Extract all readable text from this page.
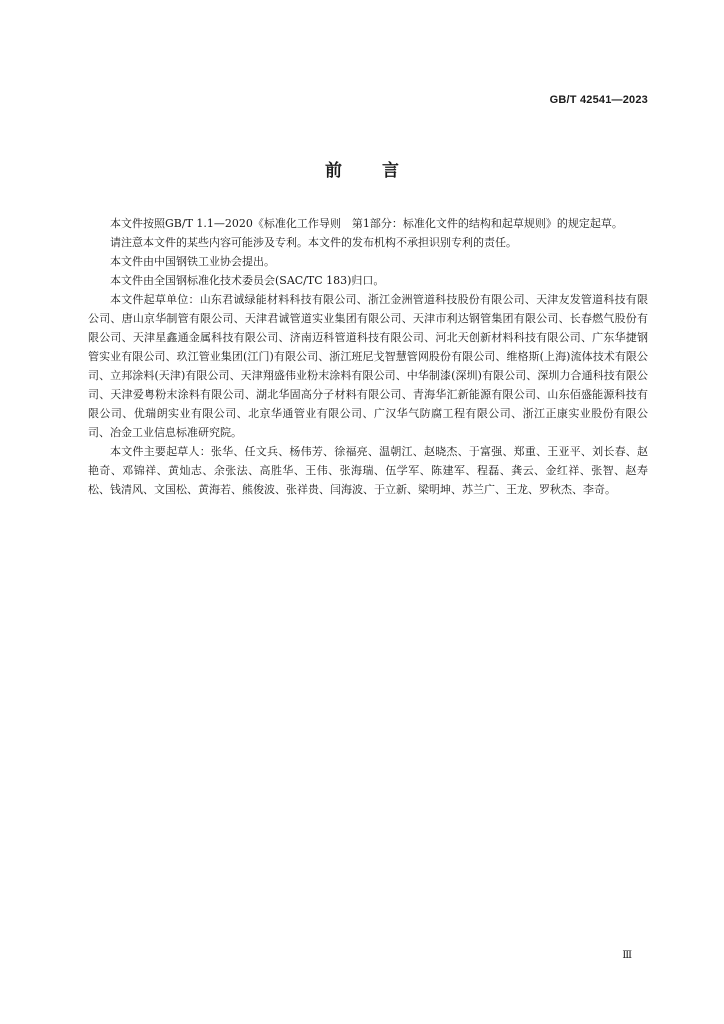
GB/T 42541—2023
前言

本文件按照GB/T 1.1—2020《标准化工作导则　第1部分：标准化文件的结构和起草规则》的规定起草。

请注意本文件的某些内容可能涉及专利。本文件的发布机构不承担识别专利的责任。

本文件由中国钢铁工业协会提出。

本文件由全国钢标准化技术委员会(SAC/TC 183)归口。

本文件起草单位：山东君诚绿能材料科技有限公司、浙江金洲管道科技股份有限公司、天津友发管道科技有限公司、唐山京华制管有限公司、天津君诚管道实业集团有限公司、天津市利达钢管集团有限公司、长春燃气股份有限公司、天津星鑫通金属科技有限公司、济南迈科管道科技有限公司、河北天创新材料科技有限公司、广东华捷钢管实业有限公司、玖江管业集团(江门)有限公司、浙江班尼戈智慧管网股份有限公司、维格斯(上海)流体技术有限公司、立邦涂料(天津)有限公司、天津翔盛伟业粉末涂料有限公司、中华制漆(深圳)有限公司、深圳力合通科技有限公司、天津爱粤粉末涂料有限公司、湖北华固高分子材料有限公司、青海华汇新能源有限公司、山东佰盛能源科技有限公司、优瑞朗实业有限公司、北京华通管业有限公司、广汉华气防腐工程有限公司、浙江正康实业股份有限公司、冶金工业信息标准研究院。

本文件主要起草人：张华、任文兵、杨伟芳、徐福亮、温朝江、赵晓杰、于富强、郑重、王亚平、刘长春、赵艳奇、邓锦祥、黄灿志、余张法、高胜华、王伟、张海瑞、伍学军、陈建军、程磊、龚云、金红祥、张智、赵寿松、钱清风、文国松、黄海若、熊俊波、张祥贵、闫海波、于立新、梁明坤、苏兰广、王龙、罗秋杰、李奇。

Ⅲ
